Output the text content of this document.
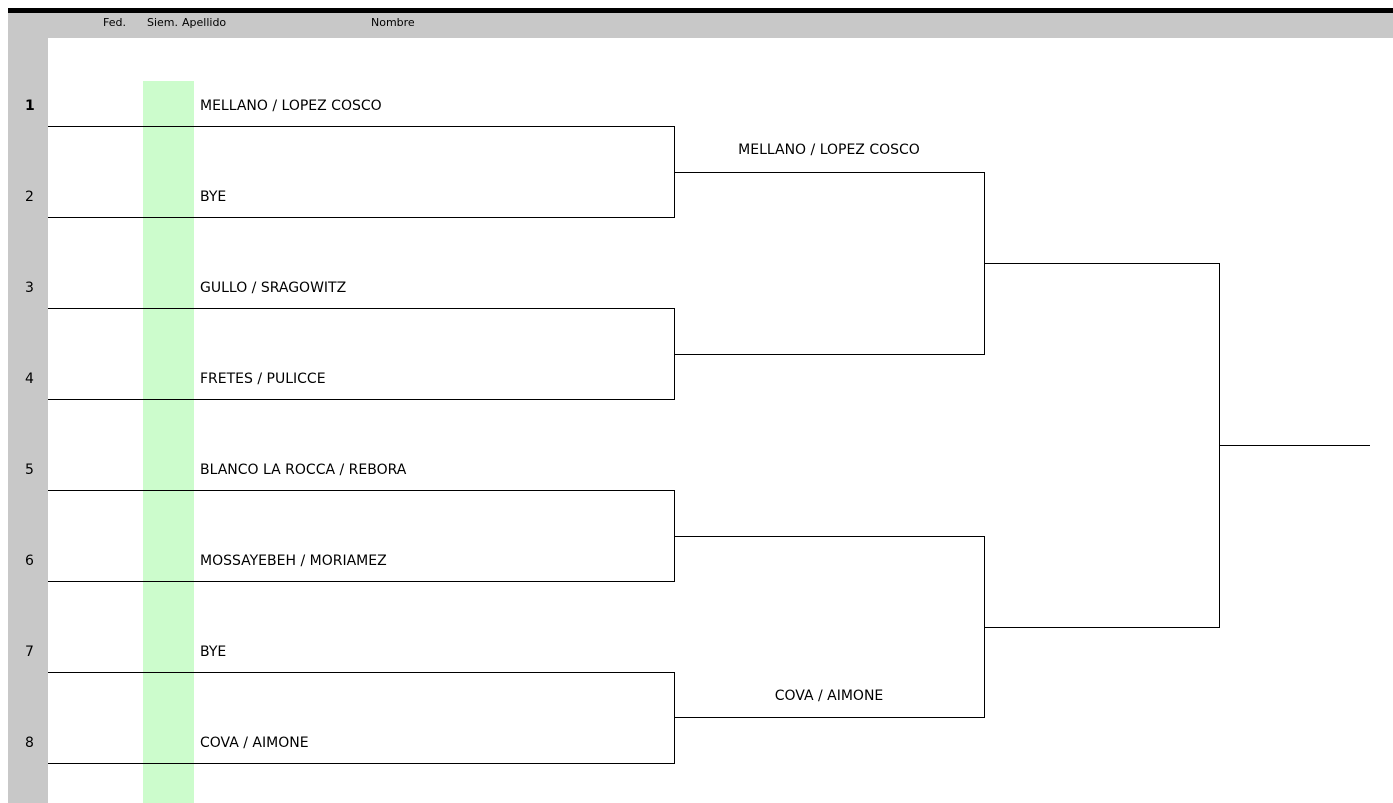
Fed. Siem. Apellido	Nombre
1	MELLANO / LOPEZ COSCO
2	BYE
3	GULLO / SRAGOWITZ
4	FRETES / PULICCE
5	BLANCO LA ROCCA / REBORA
6	MOSSAYEBEH / MORIAMEZ
7	BYE
8	COVA / AIMONE
MELLANO / LOPEZ COSCO
COVA / AIMONE
